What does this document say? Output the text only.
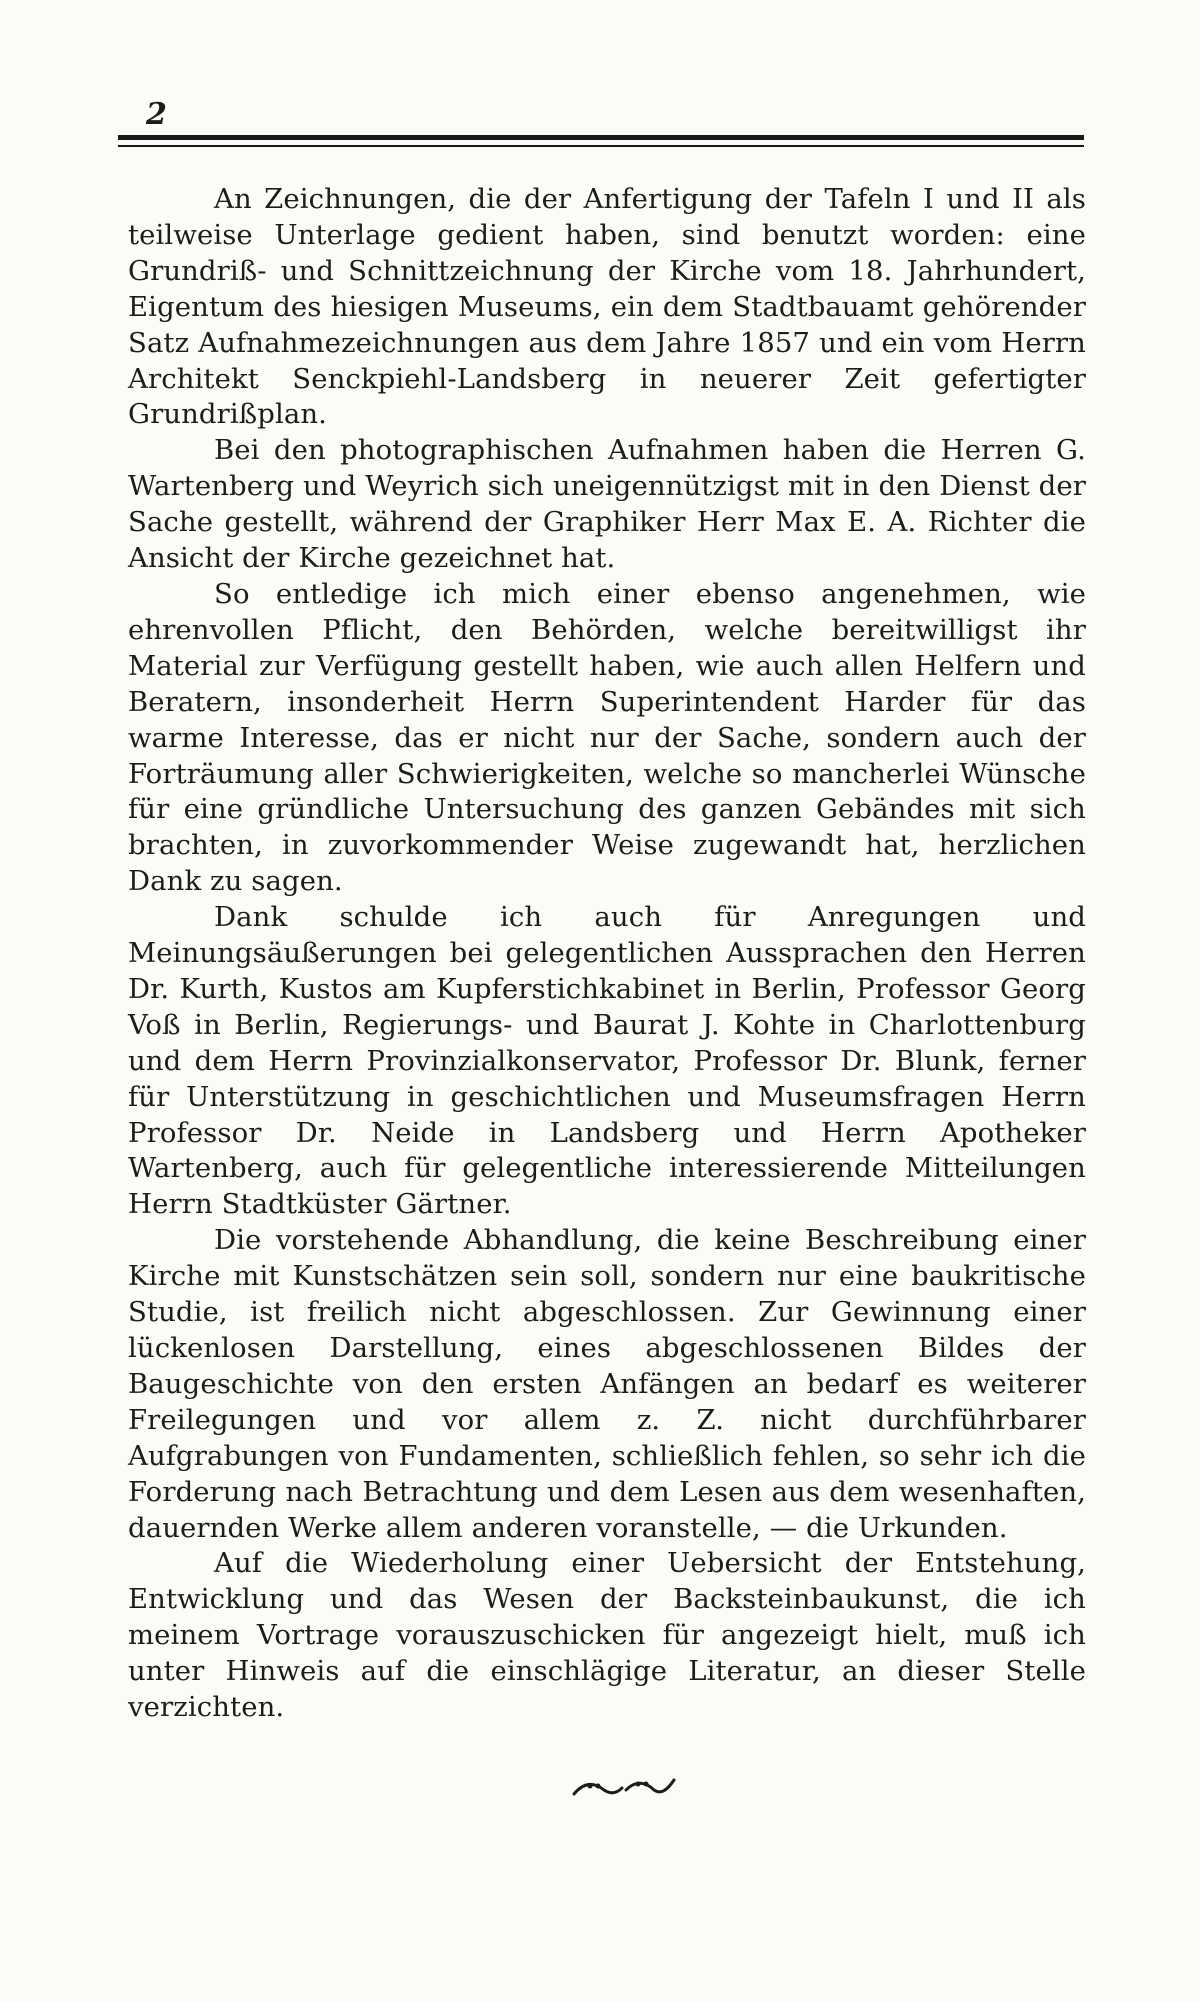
2

An Zeichnungen, die der Anfertigung der Tafeln I und II als teilweise Unterlage gedient haben, sind benutzt worden: eine Grundriß- und Schnittzeichnung der Kirche vom 18. Jahrhundert, Eigentum des hiesigen Museums, ein dem Stadtbauamt gehörender Satz Aufnahmezeichnungen aus dem Jahre 1857 und ein vom Herrn Architekt Senckpiehl-Landsberg in neuerer Zeit gefertigter Grundrißplan.

Bei den photographischen Aufnahmen haben die Herren G. Wartenberg und Weyrich sich uneigennützigst mit in den Dienst der Sache gestellt, während der Graphiker Herr Max E. A. Richter die Ansicht der Kirche gezeichnet hat.

So entledige ich mich einer ebenso angenehmen, wie ehrenvollen Pflicht, den Behörden, welche bereitwilligst ihr Material zur Verfügung gestellt haben, wie auch allen Helfern und Beratern, insonderheit Herrn Superintendent Harder für das warme Interesse, das er nicht nur der Sache, sondern auch der Forträumung aller Schwierigkeiten, welche so mancherlei Wünsche für eine gründliche Untersuchung des ganzen Gebändes mit sich brachten, in zuvorkommender Weise zugewandt hat, herzlichen Dank zu sagen.

Dank schulde ich auch für Anregungen und Meinungsäußerungen bei gelegentlichen Aussprachen den Herren Dr. Kurth, Kustos am Kupferstichkabinet in Berlin, Professor Georg Voß in Berlin, Regierungs- und Baurat J. Kohte in Charlottenburg und dem Herrn Provinzialkonservator, Professor Dr. Blunk, ferner für Unterstützung in geschichtlichen und Museumsfragen Herrn Professor Dr. Neide in Landsberg und Herrn Apotheker Wartenberg, auch für gelegentliche interessierende Mitteilungen Herrn Stadtküster Gärtner.

Die vorstehende Abhandlung, die keine Beschreibung einer Kirche mit Kunstschätzen sein soll, sondern nur eine baukritische Studie, ist freilich nicht abgeschlossen. Zur Gewinnung einer lückenlosen Darstellung, eines abgeschlossenen Bildes der Baugeschichte von den ersten Anfängen an bedarf es weiterer Freilegungen und vor allem z. Z. nicht durchführbarer Aufgrabungen von Fundamenten, schließlich fehlen, so sehr ich die Forderung nach Betrachtung und dem Lesen aus dem wesenhaften, dauernden Werke allem anderen voranstelle, — die Urkunden.

Auf die Wiederholung einer Uebersicht der Entstehung, Entwicklung und das Wesen der Backsteinbaukunst, die ich meinem Vortrage vorauszuschicken für angezeigt hielt, muß ich unter Hinweis auf die einschlägige Literatur, an dieser Stelle verzichten.
